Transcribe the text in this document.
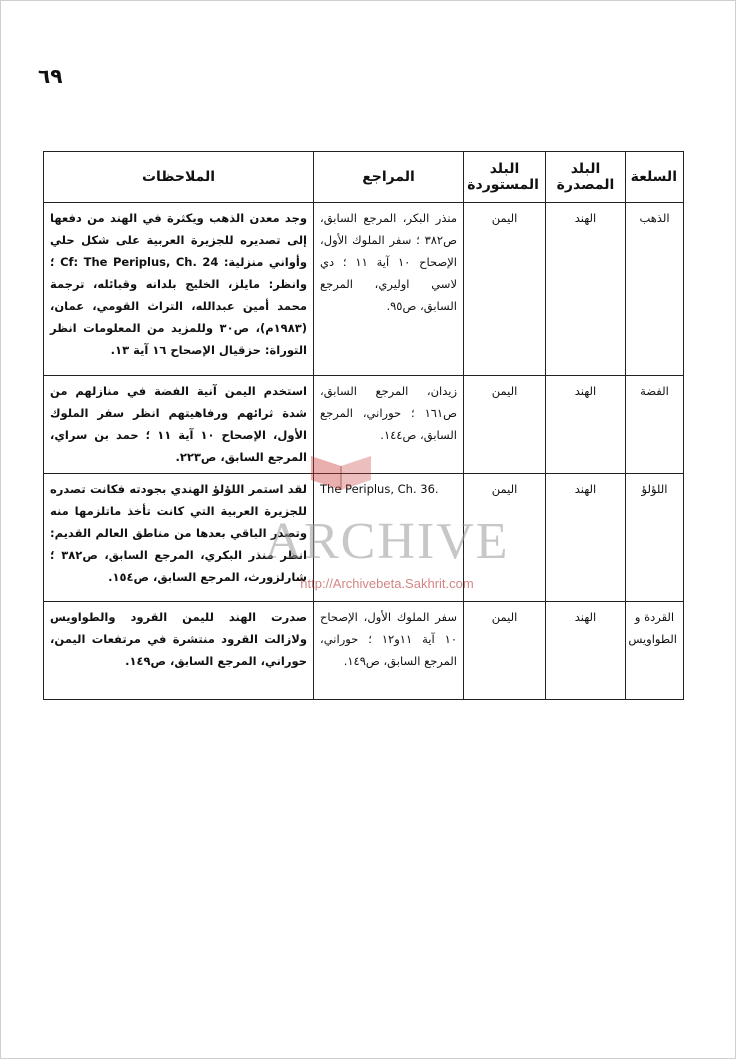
٦٩
السلعة	البلد المصدرة	البلد المستوردة	المراجع	الملاحظات
الذهب	الهند	اليمن	منذر البكر، المرجع السابق، ص٣٨٢ ؛ سفر الملوك الأول، الإصحاح ١٠ آية ١١ ؛ دي لاسي اوليري، المرجع السابق، ص٩٥.	وجد معدن الذهب ويكثرة في الهند من دفعها إلى تصديره للجزيرة العربية على شكل حلي وأواني منزلية: Cf: The Periplus, Ch. 24 ؛ وانظر: مايلز، الخليج بلدانه وقبائله، ترجمة محمد أمين عبدالله، التراث القومي، عمان، (١٩٨٣م)، ص٣٠ وللمزيد من المعلومات انظر التوراة: حزقيال الإصحاح ١٦ آية ١٣.
الفضة	الهند	اليمن	زيدان، المرجع السابق، ص١٦١ ؛ حوراني، المرجع السابق، ص١٤٤.	استخدم اليمن آنية الفضة في منازلهم من شدة ثرائهم ورفاهيتهم انظر سفر الملوك الأول، الإصحاح ١٠ آية ١١ ؛ حمد بن سراي، المرجع السابق، ص٢٢٣.
اللؤلؤ	الهند	اليمن	The Periplus, Ch. 36.	لقد استمر اللؤلؤ الهندي بجودته فكانت تصدره للجزيرة العربية التي كانت تأخذ ماتلزمها منه وتصدر الباقي بعدها من مناطق العالم القديم: انظر منذر البكري، المرجع السابق، ص٣٨٢ ؛ شارلزورث، المرجع السابق، ص١٥٤.
القردة و الطواويس	الهند	اليمن	سفر الملوك الأول، الإصحاح ١٠ آية ١١و١٢ ؛ حوراني، المرجع السابق، ص١٤٩.	صدرت الهند لليمن القرود والطواويس ولازالت القرود منتشرة في مرتفعات اليمن، حوراني، المرجع السابق، ص١٤٩.
ARCHIVE
http://Archivebeta.Sakhrit.com
